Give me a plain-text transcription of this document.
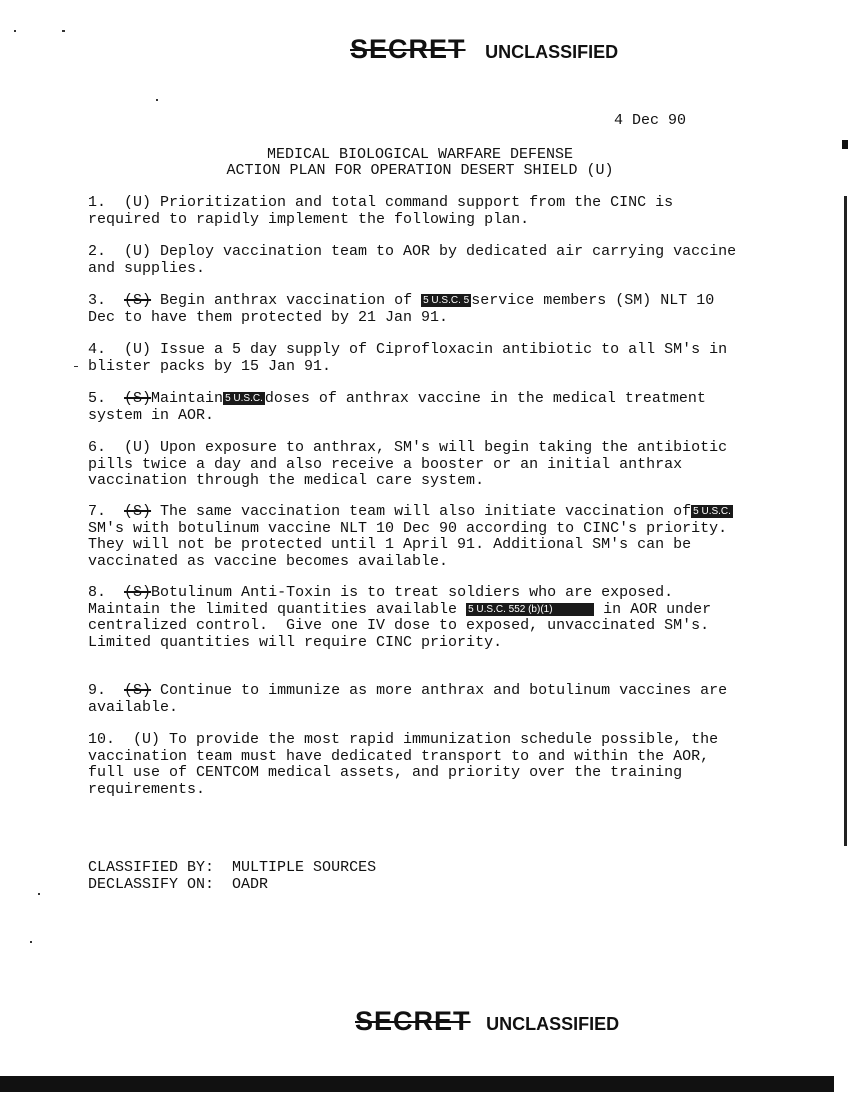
SECRET UNCLASSIFIED
4 Dec 90
MEDICAL BIOLOGICAL WARFARE DEFENSE
ACTION PLAN FOR OPERATION DESERT SHIELD (U)
1.  (U) Prioritization and total command support from the CINC is required to rapidly implement the following plan.
2.  (U) Deploy vaccination team to AOR by dedicated air carrying vaccine and supplies.
3. (S) Begin anthrax vaccination of 5 U.S.C. 5 service members (SM) NLT 10 Dec to have them protected by 21 Jan 91.
4.  (U) Issue a 5 day supply of Ciprofloxacin antibiotic to all SM's in blister packs by 15 Jan 91.
5. (S)Maintain 5 U.S.C. doses of anthrax vaccine in the medical treatment system in AOR.
6.  (U) Upon exposure to anthrax, SM's will begin taking the antibiotic pills twice a day and also receive a booster or an initial anthrax vaccination through the medical care system.
7. (S) The same vaccination team will also initiate vaccination of 5 U.S.C.SM's with botulinum vaccine NLT 10 Dec 90 according to CINC's priority.  They will not be protected until 1 April 91. Additional SM's can be vaccinated as vaccine becomes available.
8. (S)Botulinum Anti-Toxin is to treat soldiers who are exposed.  Maintain the limited quantities available 5 U.S.C. 552 (b)(1)	in AOR under centralized control.  Give one IV dose to exposed, unvaccinated SM's.  Limited quantities will require CINC priority.
9. (S) Continue to immunize as more anthrax and botulinum vaccines are available.
10.  (U) To provide the most rapid immunization schedule possible, the vaccination team must have dedicated transport to and within the AOR, full use of CENTCOM medical assets, and priority over the training requirements.
CLASSIFIED BY: MULTIPLE SOURCES
DECLASSIFY ON: OADR
SECRET UNCLASSIFIED
